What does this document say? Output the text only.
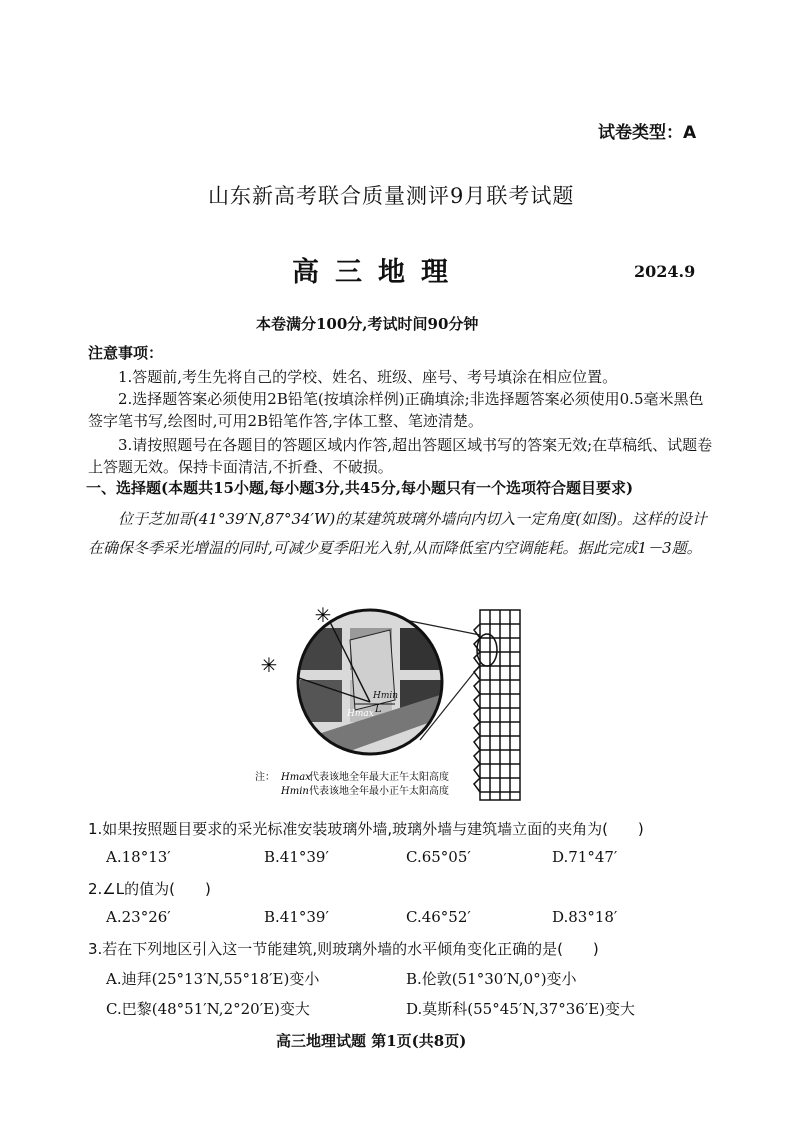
试卷类型：A
山东新高考联合质量测评9月联考试题
高三地理	2024.9
本卷满分100分,考试时间90分钟
注意事项：
1.答题前,考生先将自己的学校、姓名、班级、座号、考号填涂在相应位置。
2.选择题答案必须使用2B铅笔(按填涂样例)正确填涂;非选择题答案必须使用0.5毫米黑色签字笔书写,绘图时,可用2B铅笔作答,字体工整、笔迹清楚。
3.请按照题号在各题目的答题区域内作答,超出答题区域书写的答案无效;在草稿纸、试题卷上答题无效。保持卡面清洁,不折叠、不破损。
一、选择题(本题共15小题,每小题3分,共45分,每小题只有一个选项符合题目要求)
位于芝加哥(41°39′N,87°34′W)的某建筑玻璃外墙向内切入一定角度(如图)。这样的设计在确保冬季采光增温的同时,可减少夏季阳光入射,从而降低室内空调能耗。据此完成1－3题。
✳
✳
Hmax
Hmin
L
注： Hmax
代表该地全年最大正午太阳高度
Hmin 代表该地全年最小正午太阳高度
1.如果按照题目要求的采光标准安装玻璃外墙,玻璃外墙与建筑墙立面的夹角为(　　)
A.18°13′	B.41°39′	C.65°05′	D.71°47′
2.∠L的值为(　　)
A.23°26′	B.41°39′	C.46°52′	D.83°18′
3.若在下列地区引入这一节能建筑,则玻璃外墙的水平倾角变化正确的是(　　)
A.迪拜(25°13′N,55°18′E)变小	B.伦敦(51°30′N,0°)变小
C.巴黎(48°51′N,2°20′E)变大	D.莫斯科(55°45′N,37°36′E)变大
高三地理试题 第1页(共8页)
